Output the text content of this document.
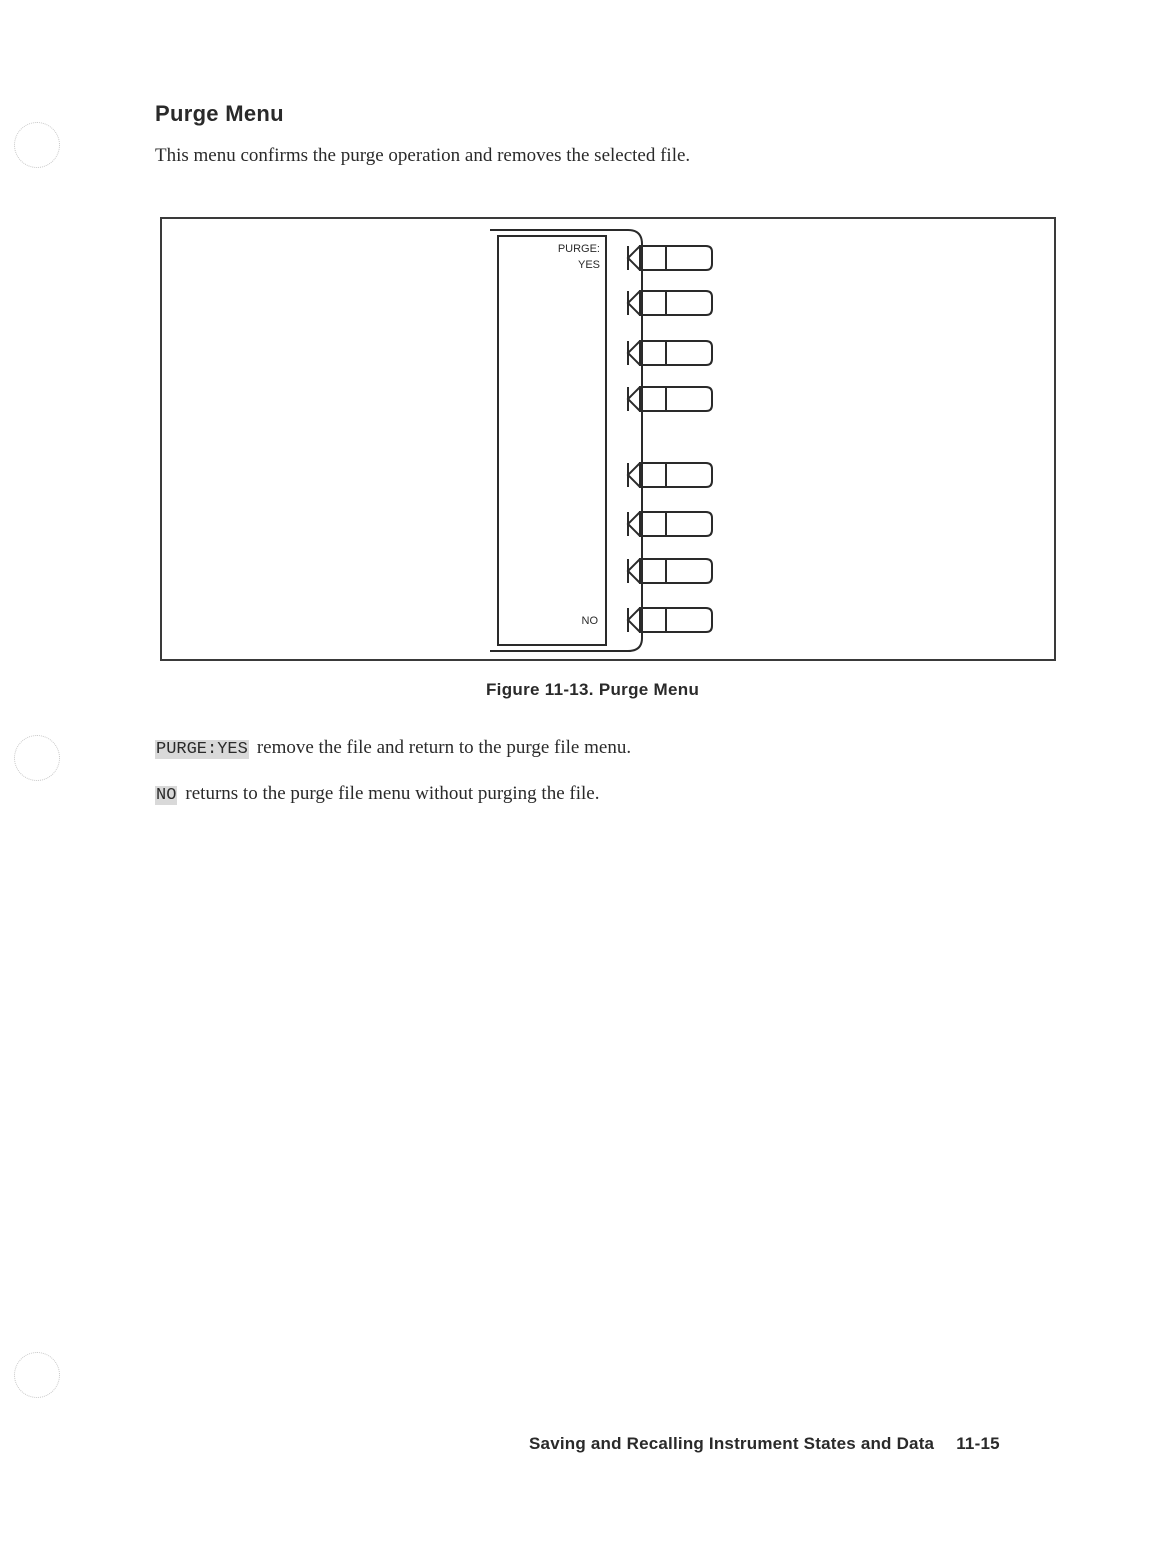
Purge Menu
This menu confirms the purge operation and removes the selected file.
PURGE:
YES
NO
Figure 11-13. Purge Menu
PURGE:YES remove the file and return to the purge file menu.
NO returns to the purge file menu without purging the file.
Saving and Recalling Instrument States and Data 11-15
